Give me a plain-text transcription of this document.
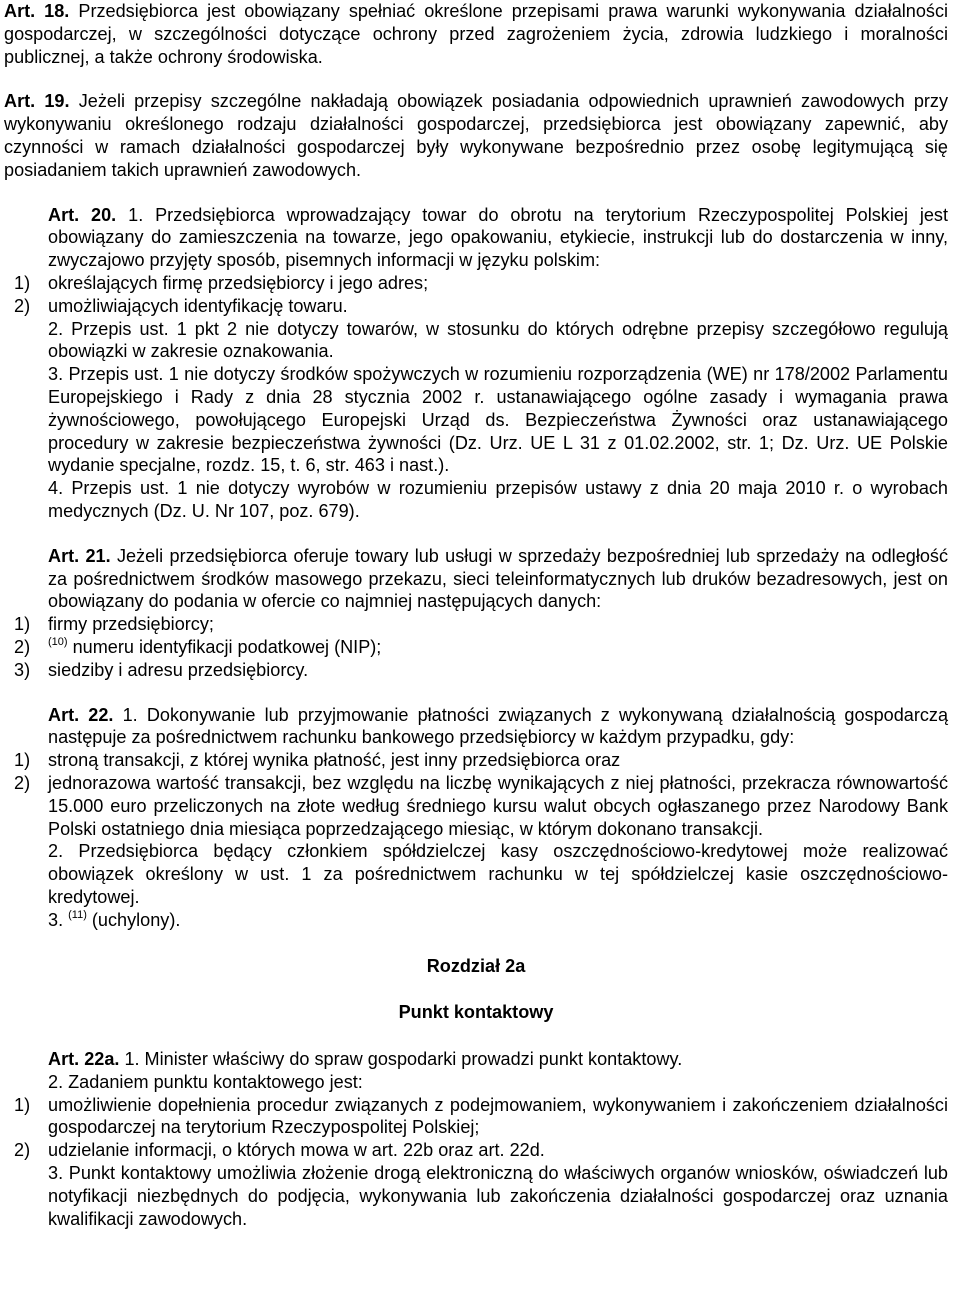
Art. 18. Przedsiębiorca jest obowiązany spełniać określone przepisami prawa warunki wykonywania działalności gospodarczej, w szczególności dotyczące ochrony przed zagrożeniem życia, zdrowia ludzkiego i moralności publicznej, a także ochrony środowiska.

Art. 19. Jeżeli przepisy szczególne nakładają obowiązek posiadania odpowiednich uprawnień zawodowych przy wykonywaniu określonego rodzaju działalności gospodarczej, przedsiębiorca jest obowiązany zapewnić, aby czynności w ramach działalności gospodarczej były wykonywane bezpośrednio przez osobę legitymującą się posiadaniem takich uprawnień zawodowych.

Art. 20. 1. Przedsiębiorca wprowadzający towar do obrotu na terytorium Rzeczypospolitej Polskiej jest obowiązany do zamieszczenia na towarze, jego opakowaniu, etykiecie, instrukcji lub do dostarczenia w inny, zwyczajowo przyjęty sposób, pisemnych informacji w języku polskim:

1) określających firmę przedsiębiorcy i jego adres;
2) umożliwiających identyfikację towaru.

2. Przepis ust. 1 pkt 2 nie dotyczy towarów, w stosunku do których odrębne przepisy szczegółowo regulują obowiązki w zakresie oznakowania.

3. Przepis ust. 1 nie dotyczy środków spożywczych w rozumieniu rozporządzenia (WE) nr 178/2002 Parlamentu Europejskiego i Rady z dnia 28 stycznia 2002 r. ustanawiającego ogólne zasady i wymagania prawa żywnościowego, powołującego Europejski Urząd ds. Bezpieczeństwa Żywności oraz ustanawiającego procedury w zakresie bezpieczeństwa żywności (Dz. Urz. UE L 31 z 01.02.2002, str. 1; Dz. Urz. UE Polskie wydanie specjalne, rozdz. 15, t. 6, str. 463 i nast.).

4. Przepis ust. 1 nie dotyczy wyrobów w rozumieniu przepisów ustawy z dnia 20 maja 2010 r. o wyrobach medycznych (Dz. U. Nr 107, poz. 679).

Art. 21. Jeżeli przedsiębiorca oferuje towary lub usługi w sprzedaży bezpośredniej lub sprzedaży na odległość za pośrednictwem środków masowego przekazu, sieci teleinformatycznych lub druków bezadresowych, jest on obowiązany do podania w ofercie co najmniej następujących danych:

1) firmy przedsiębiorcy;
2)	$^{(10)}$ numeru identyfikacji podatkowej (NIP);
3) siedziby i adresu przedsiębiorcy.

Art. 22. 1. Dokonywanie lub przyjmowanie płatności związanych z wykonywaną działalnością gospodarczą następuje za pośrednictwem rachunku bankowego przedsiębiorcy w każdym przypadku, gdy:

1) stroną transakcji, z której wynika płatność, jest inny przedsiębiorca oraz
2) jednorazowa wartość transakcji, bez względu na liczbę wynikających z niej płatności, przekracza równowartość 15.000 euro przeliczonych na złote według średniego kursu walut obcych ogłaszanego przez Narodowy Bank Polski ostatniego dnia miesiąca poprzedzającego miesiąc, w którym dokonano transakcji.

2. Przedsiębiorca będący członkiem spółdzielczej kasy oszczędnościowo-kredytowej może realizować obowiązek określony w ust. 1 za pośrednictwem rachunku w tej spółdzielczej kasie oszczędnościowo-kredytowej.

3. $^{(11)}$ (uchylony).

Rozdział 2a

Punkt kontaktowy

Art. 22a. 1. Minister właściwy do spraw gospodarki prowadzi punkt kontaktowy.

2. Zadaniem punktu kontaktowego jest:

1) umożliwienie dopełnienia procedur związanych z podejmowaniem, wykonywaniem i zakończeniem działalności gospodarczej na terytorium Rzeczypospolitej Polskiej;
2) udzielanie informacji, o których mowa w art. 22b oraz art. 22d.

3. Punkt kontaktowy umożliwia złożenie drogą elektroniczną do właściwych organów wniosków, oświadczeń lub notyfikacji niezbędnych do podjęcia, wykonywania lub zakończenia działalności gospodarczej oraz uznania kwalifikacji zawodowych.
